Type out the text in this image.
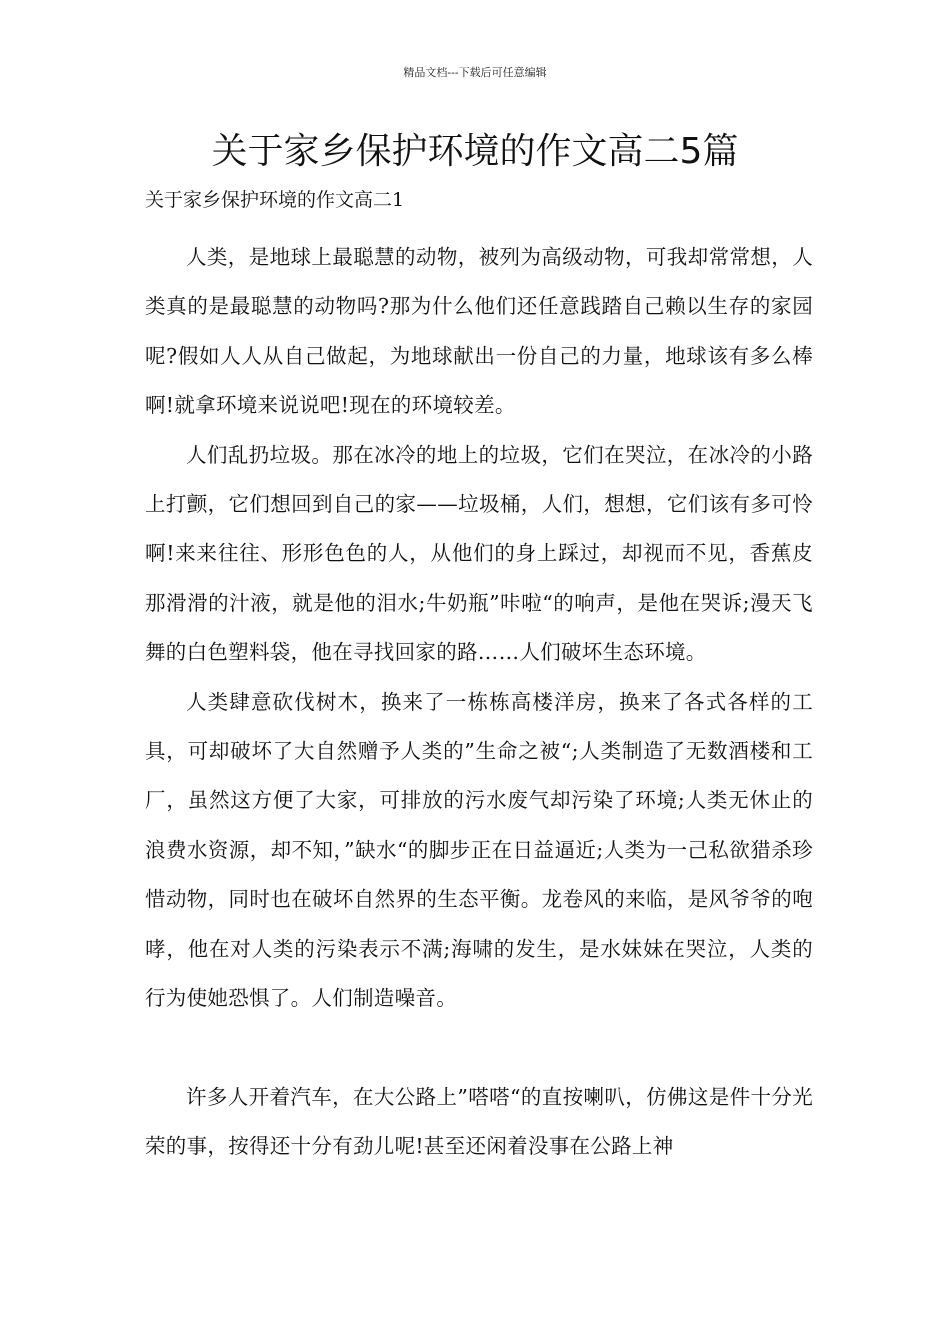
精品文档---下载后可任意编辑
关于家乡保护环境的作文高二5篇
关于家乡保护环境的作文高二1

人类，是地球上最聪慧的动物，被列为高级动物，可我却常常想，人类真的是最聪慧的动物吗?那为什么他们还任意践踏自己赖以生存的家园呢?假如人人从自己做起，为地球献出一份自己的力量，地球该有多么棒啊!就拿环境来说说吧!现在的环境较差。

人们乱扔垃圾。那在冰冷的地上的垃圾，它们在哭泣，在冰冷的小路上打颤，它们想回到自己的家——垃圾桶，人们，想想，它们该有多可怜啊!来来往往、形形色色的人，从他们的身上踩过，却视而不见，香蕉皮那滑滑的汁液，就是他的泪水;牛奶瓶”咔啦“的响声，是他在哭诉;漫天飞舞的白色塑料袋，他在寻找回家的路……人们破坏生态环境。

人类肆意砍伐树木，换来了一栋栋高楼洋房，换来了各式各样的工具，可却破坏了大自然赠予人类的”生命之被“;人类制造了无数酒楼和工厂，虽然这方便了大家，可排放的污水废气却污染了环境;人类无休止的浪费水资源，却不知，”缺水“的脚步正在日益逼近;人类为一己私欲猎杀珍惜动物，同时也在破坏自然界的生态平衡。龙卷风的来临，是风爷爷的咆哮，他在对人类的污染表示不满;海啸的发生，是水妹妹在哭泣，人类的行为使她恐惧了。人们制造噪音。

许多人开着汽车，在大公路上”嗒嗒“的直按喇叭，仿佛这是件十分光荣的事，按得还十分有劲儿呢!甚至还闲着没事在公路上神
